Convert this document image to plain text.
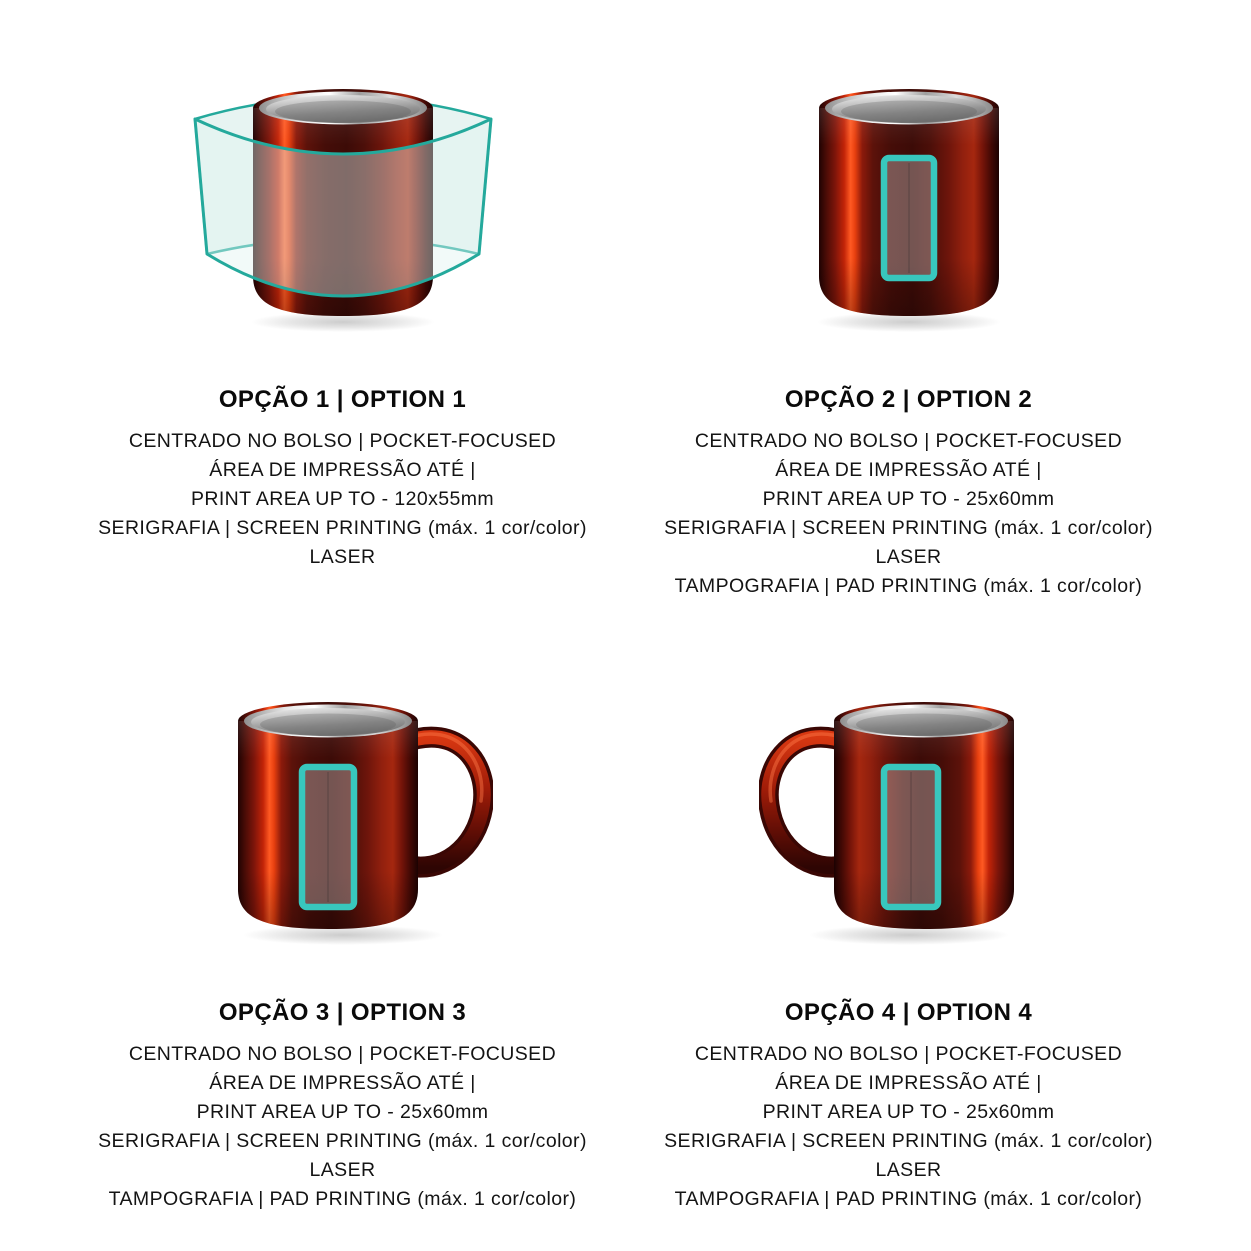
OPÇÃO 1 | OPTION 1
CENTRADO NO BOLSO | POCKET-FOCUSED
ÁREA DE IMPRESSÃO ATÉ |
PRINT AREA UP TO - 120x55mm
SERIGRAFIA | SCREEN PRINTING (máx. 1 cor/color)
LASER
OPÇÃO 2 | OPTION 2
CENTRADO NO BOLSO | POCKET-FOCUSED
ÁREA DE IMPRESSÃO ATÉ |
PRINT AREA UP TO - 25x60mm
SERIGRAFIA | SCREEN PRINTING (máx. 1 cor/color)
LASER
TAMPOGRAFIA | PAD PRINTING (máx. 1 cor/color)
OPÇÃO 3 | OPTION 3
CENTRADO NO BOLSO | POCKET-FOCUSED
ÁREA DE IMPRESSÃO ATÉ |
PRINT AREA UP TO - 25x60mm
SERIGRAFIA | SCREEN PRINTING (máx. 1 cor/color)
LASER
TAMPOGRAFIA | PAD PRINTING (máx. 1 cor/color)
OPÇÃO 4 | OPTION 4
CENTRADO NO BOLSO | POCKET-FOCUSED
ÁREA DE IMPRESSÃO ATÉ |
PRINT AREA UP TO - 25x60mm
SERIGRAFIA | SCREEN PRINTING (máx. 1 cor/color)
LASER
TAMPOGRAFIA | PAD PRINTING (máx. 1 cor/color)
